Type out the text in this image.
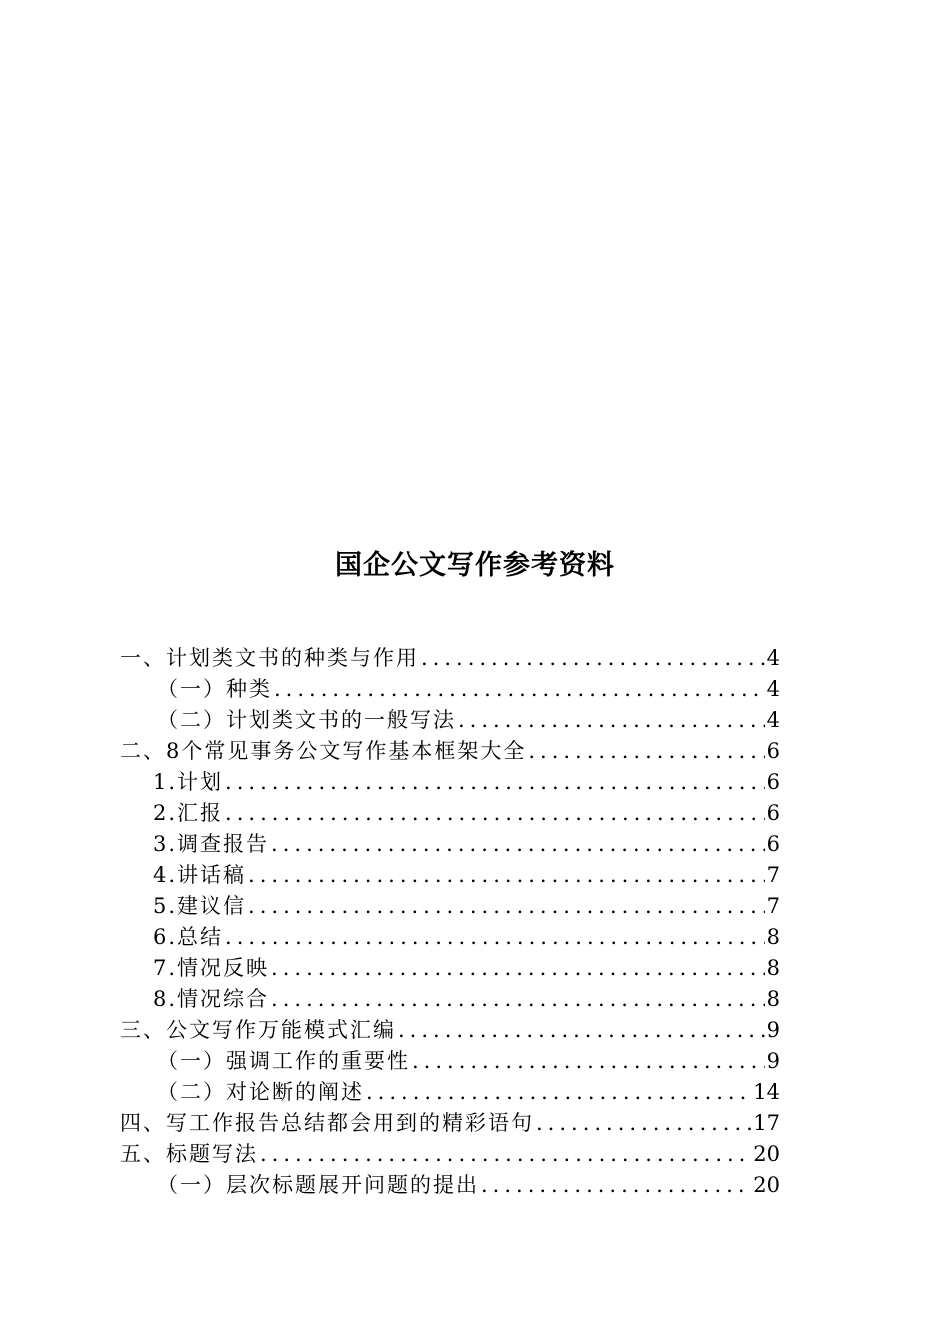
国企公文写作参考资料
一、计划类文书的种类与作用 .....	4
（一）种类 .....	4
（二）计划类文书的一般写法 .....	4
二、8个常见事务公文写作基本框架大全 .....	6
1.计划 .....	6
2.汇报 .....	6
3.调查报告 .....	6
4.讲话稿 .....	7
5.建议信 .....	7
6.总结 .....	8
7.情况反映 .....	8
8.情况综合 .....	8
三、公文写作万能模式汇编 .....	9
（一）强调工作的重要性 .....	9
（二）对论断的阐述 .....	14
四、写工作报告总结都会用到的精彩语句 .....	17
五、标题写法 .....	20
（一）层次标题展开问题的提出 .....	20
